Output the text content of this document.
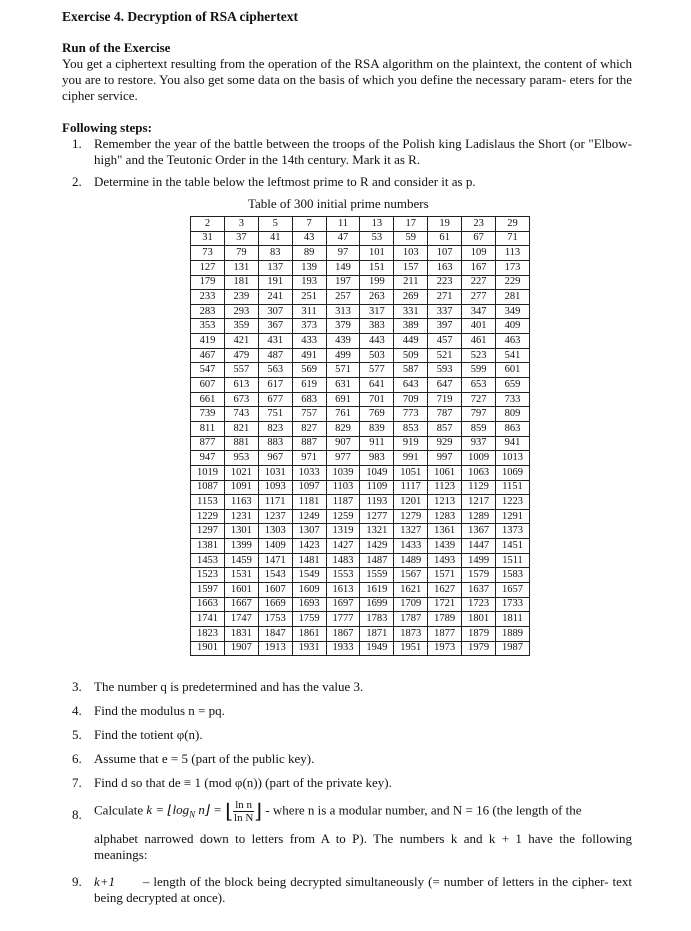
Exercise 4. Decryption of RSA ciphertext
Run of the Exercise
You get a ciphertext resulting from the operation of the RSA algorithm on the plaintext, the content of which you are to restore. You also get some data on the basis of which you define the necessary param- eters for the cipher service.
Following steps:
1. Remember the year of the battle between the troops of the Polish king Ladislaus the Short (or "Elbow-high" and the Teutonic Order in the 14th century. Mark it as R.
2. Determine in the table below the leftmost prime to R and consider it as p.
Table of 300 initial prime numbers
2	3	5	7	11	13	17	19	23	29
31	37	41	43	47	53	59	61	67	71
73	79	83	89	97	101	103	107	109	113
127	131	137	139	149	151	157	163	167	173
179	181	191	193	197	199	211	223	227	229
233	239	241	251	257	263	269	271	277	281
283	293	307	311	313	317	331	337	347	349
353	359	367	373	379	383	389	397	401	409
419	421	431	433	439	443	449	457	461	463
467	479	487	491	499	503	509	521	523	541
547	557	563	569	571	577	587	593	599	601
607	613	617	619	631	641	643	647	653	659
661	673	677	683	691	701	709	719	727	733
739	743	751	757	761	769	773	787	797	809
811	821	823	827	829	839	853	857	859	863
877	881	883	887	907	911	919	929	937	941
947	953	967	971	977	983	991	997	1009	1013
1019	1021	1031	1033	1039	1049	1051	1061	1063	1069
1087	1091	1093	1097	1103	1109	1117	1123	1129	1151
1153	1163	1171	1181	1187	1193	1201	1213	1217	1223
1229	1231	1237	1249	1259	1277	1279	1283	1289	1291
1297	1301	1303	1307	1319	1321	1327	1361	1367	1373
1381	1399	1409	1423	1427	1429	1433	1439	1447	1451
1453	1459	1471	1481	1483	1487	1489	1493	1499	1511
1523	1531	1543	1549	1553	1559	1567	1571	1579	1583
1597	1601	1607	1609	1613	1619	1621	1627	1637	1657
1663	1667	1669	1693	1697	1699	1709	1721	1723	1733
1741	1747	1753	1759	1777	1783	1787	1789	1801	1811
1823	1831	1847	1861	1867	1871	1873	1877	1879	1889
1901	1907	1913	1931	1933	1949	1951	1973	1979	1987
3. The number q is predetermined and has the value 3.
4. Find the modulus n = pq.
5. Find the totient φ(n).
6. Assume that e = 5 (part of the public key).
7. Find d so that de ≡ 1 (mod φ(n)) (part of the private key).
8. Calculate $k = ⌊\log_N$ n⌋ = ⌊ $\frac{\text{ln n}}{\text{ln N}}$ ⌋ - where n is a modular number, and N = 16 (the length of the
alphabet narrowed down to letters from A to P). The numbers k and k + 1 have the following meanings:
9. k+1 – length of the block being decrypted simultaneously (= number of letters in the cipher- text being decrypted at once).
